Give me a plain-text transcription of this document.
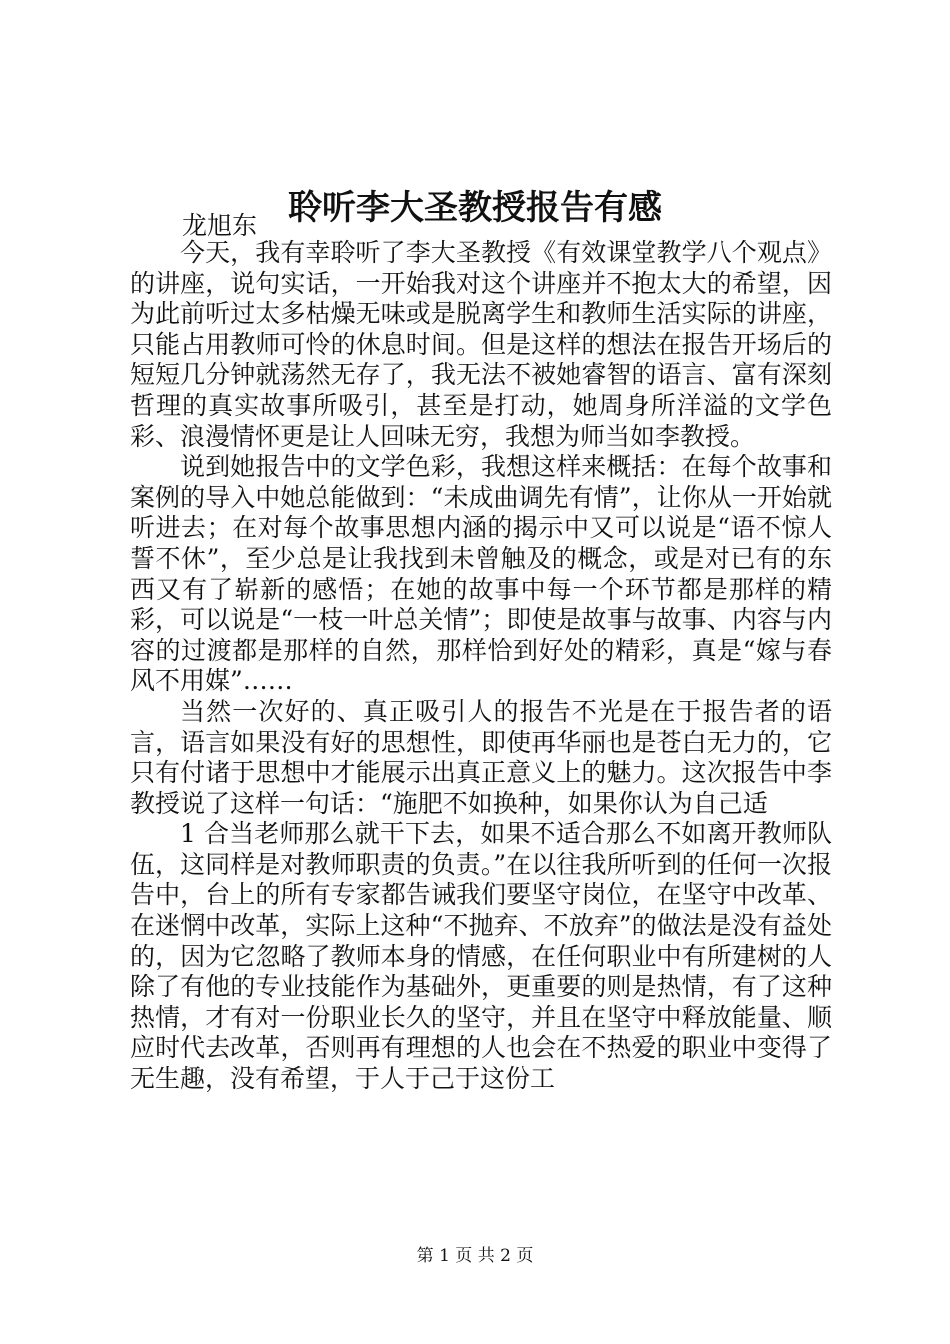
聆听李大圣教授报告有感

龙旭东

今天，我有幸聆听了李大圣教授《有效课堂教学八个观点》的讲座，说句实话，一开始我对这个讲座并不抱太大的希望，因为此前听过太多枯燥无味或是脱离学生和教师生活实际的讲座，只能占用教师可怜的休息时间。但是这样的想法在报告开场后的短短几分钟就荡然无存了，我无法不被她睿智的语言、富有深刻哲理的真实故事所吸引，甚至是打动，她周身所洋溢的文学色彩、浪漫情怀更是让人回味无穷，我想为师当如李教授。

说到她报告中的文学色彩，我想这样来概括：在每个故事和案例的导入中她总能做到：“未成曲调先有情”，让你从一开始就听进去；在对每个故事思想内涵的揭示中又可以说是“语不惊人誓不休”，至少总是让我找到未曾触及的概念，或是对已有的东西又有了崭新的感悟；在她的故事中每一个环节都是那样的精彩，可以说是“一枝一叶总关情”；即使是故事与故事、内容与内容的过渡都是那样的自然，那样恰到好处的精彩，真是“嫁与春风不用媒”……

当然一次好的、真正吸引人的报告不光是在于报告者的语言，语言如果没有好的思想性，即使再华丽也是苍白无力的，它只有付诸于思想中才能展示出真正意义上的魅力。这次报告中李教授说了这样一句话：“施肥不如换种，如果你认为自己适

1 合当老师那么就干下去，如果不适合那么不如离开教师队伍，这同样是对教师职责的负责。”在以往我所听到的任何一次报告中，台上的所有专家都告诫我们要坚守岗位，在坚守中改革、在迷惘中改革，实际上这种“不抛弃、不放弃”的做法是没有益处的，因为它忽略了教师本身的情感，在任何职业中有所建树的人除了有他的专业技能作为基础外，更重要的则是热情，有了这种热情，才有对一份职业长久的坚守，并且在坚守中释放能量、顺应时代去改革，否则再有理想的人也会在不热爱的职业中变得了无生趣，没有希望，于人于己于这份工

第 1 页 共 2 页
